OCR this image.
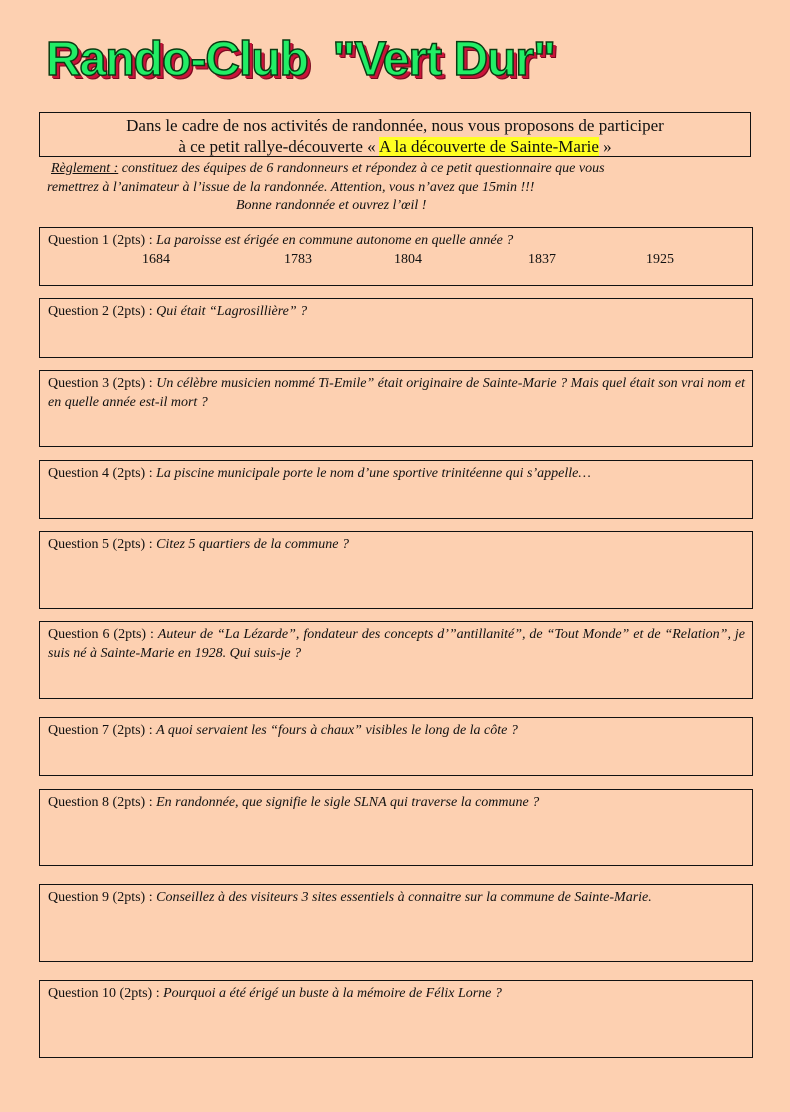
Rando-Club  "Vert Dur"
Dans le cadre de nos activités de randonnée, nous vous proposons de participer
à ce petit rallye-découverte « A la découverte de Sainte-Marie »
Règlement : constituez des équipes de 6 randonneurs et répondez à ce petit questionnaire que vous
remettrez à l’animateur à l’issue de la randonnée. Attention, vous n’avez que 15min !!!
Bonne randonnée et ouvrez l’œil !
Question 1 (2pts) : La paroisse est érigée en commune autonome en quelle année ?
1684	1783	1804	1837	1925
Question 2 (2pts) : Qui était “Lagrosillière” ?
Question 3 (2pts) : Un célèbre musicien nommé Ti-Emile” était originaire de Sainte-Marie ? Mais quel était son vrai nom et en quelle année est-il mort ?
Question 4 (2pts) : La piscine municipale porte le nom d’une sportive trinitéenne qui s’appelle…
Question 5 (2pts) : Citez 5 quartiers de la commune ?
Question 6 (2pts) : Auteur de “La Lézarde”, fondateur des concepts d’”antillanité”, de “Tout Monde” et de “Relation”, je suis né à Sainte-Marie en 1928. Qui suis-je ?
Question 7 (2pts) : A quoi servaient les “fours à chaux” visibles le long de la côte ?
Question 8 (2pts) : En randonnée, que signifie le sigle SLNA qui traverse la commune ?
Question 9 (2pts) : Conseillez à des visiteurs 3 sites essentiels à connaitre sur la commune de Sainte-Marie.
Question 10 (2pts) : Pourquoi a été érigé un buste à la mémoire de Félix Lorne ?
